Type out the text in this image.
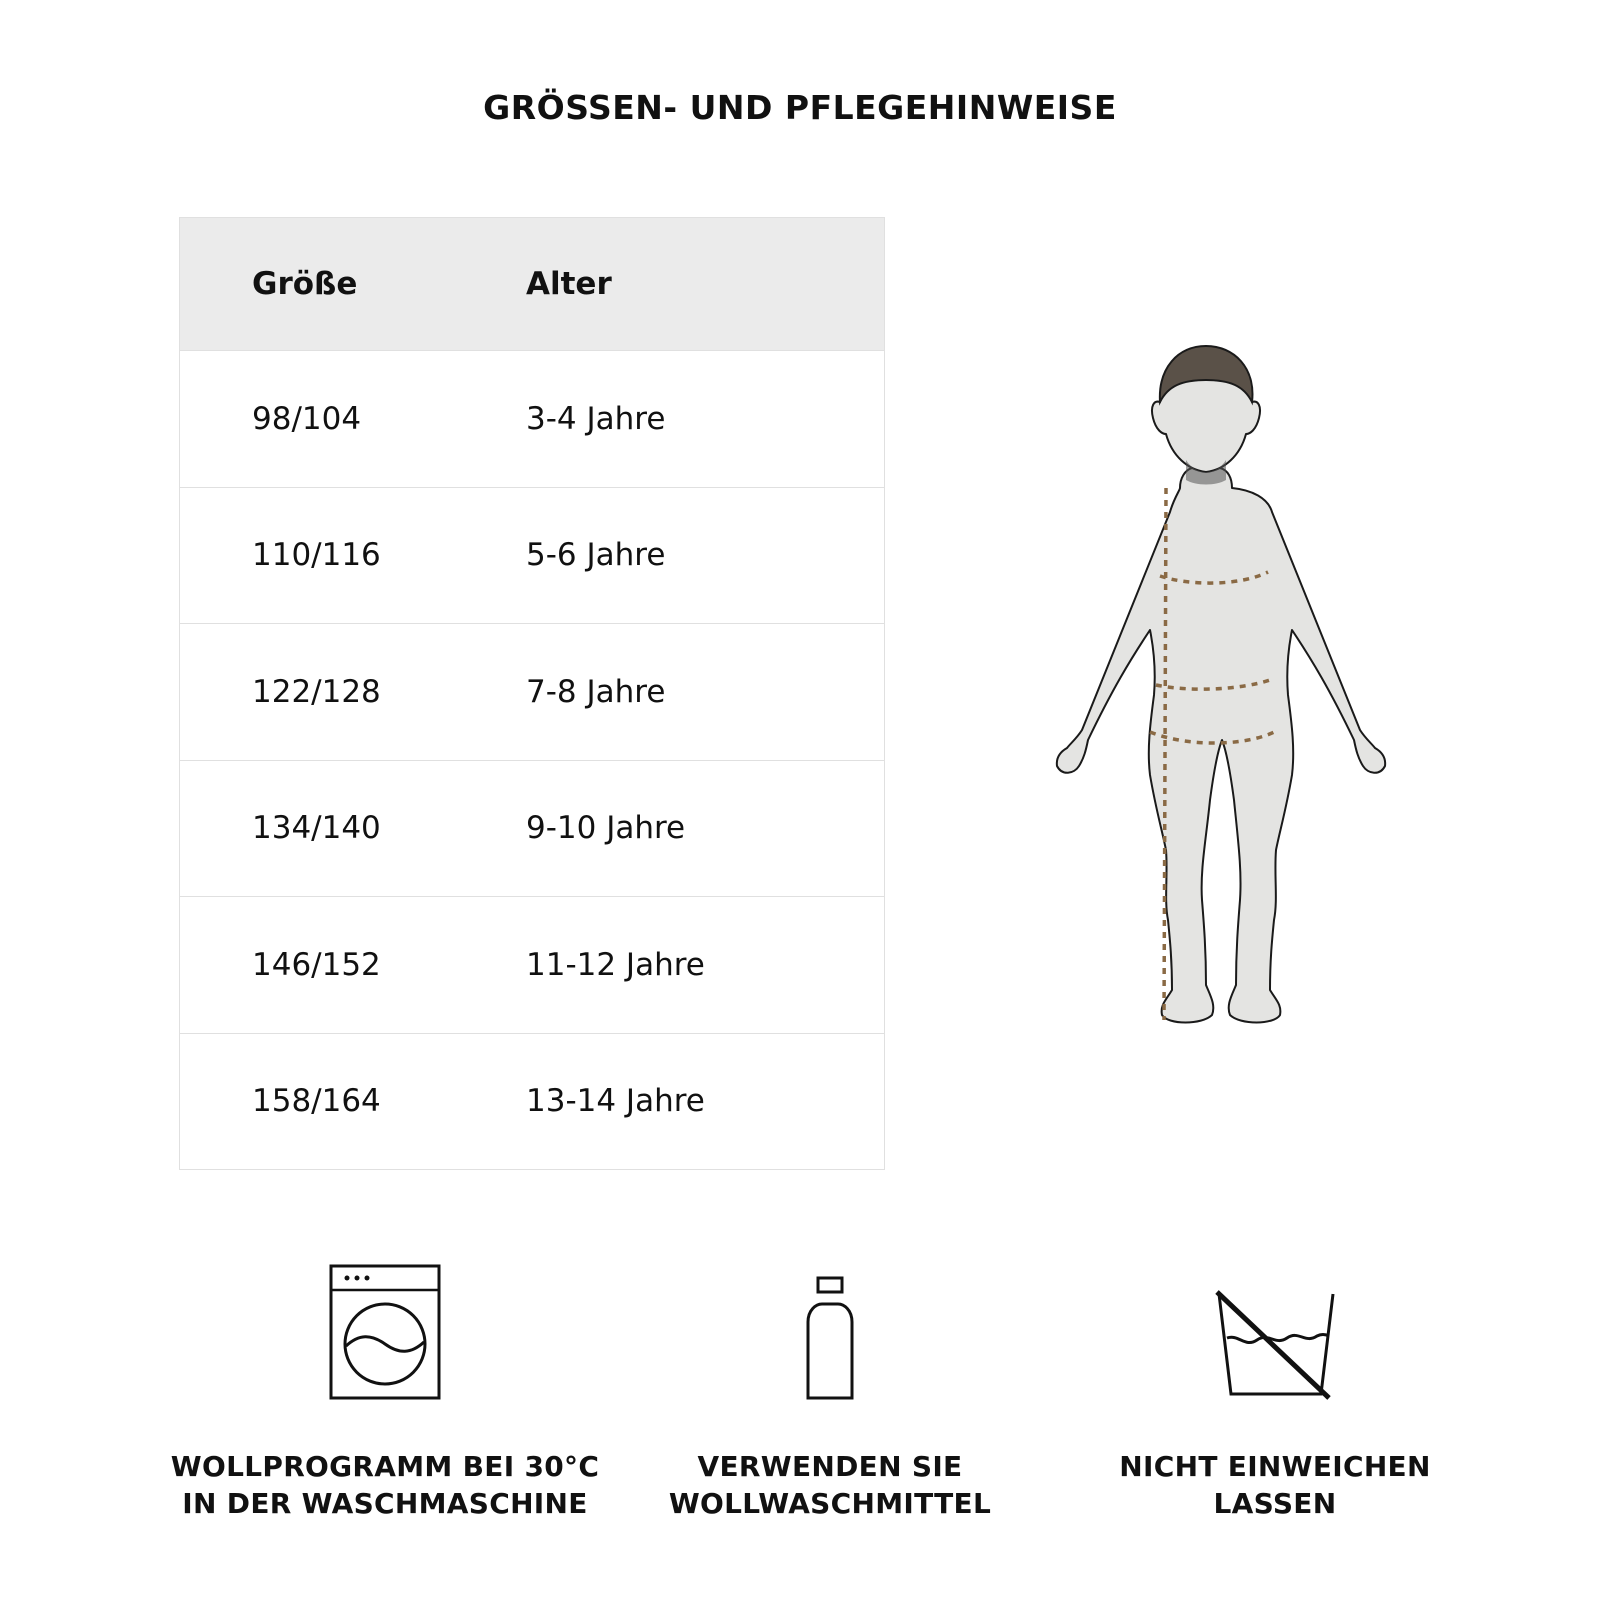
GRÖSSEN- UND PFLEGEHINWEISE
Größe	Alter
98/104	3-4 Jahre
110/116	5-6 Jahre
122/128	7-8 Jahre
134/140	9-10 Jahre
146/152	11-12 Jahre
158/164	13-14 Jahre
WOLLPROGRAMM BEI 30°C
IN DER WASCHMASCHINE
VERWENDEN SIE
WOLLWASCHMITTEL
NICHT EINWEICHEN
LASSEN
